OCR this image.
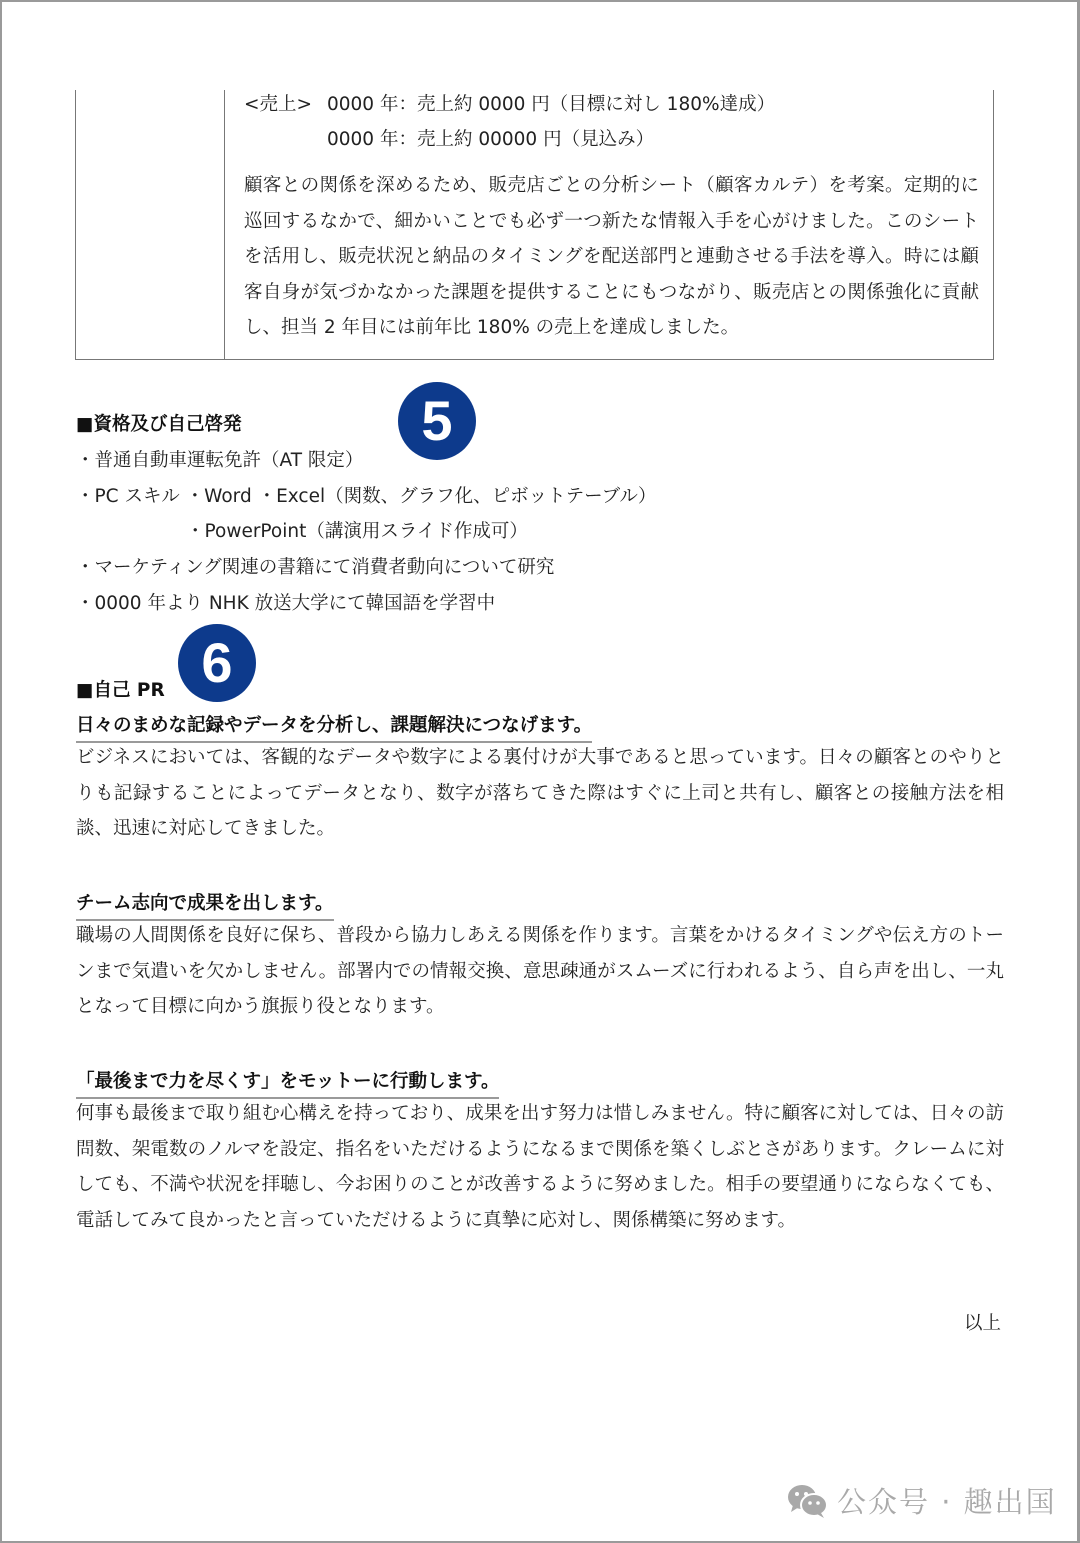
<売上> 0000 年：売上約 0000 円（目標に対し 180%達成）
0000 年：売上約 00000 円（見込み）

顧客との関係を深めるため、販売店ごとの分析シート（顧客カルテ）を考案。定期的に巡回するなかで、細かいことでも必ず一つ新たな情報入手を心がけました。このシートを活用し、販売状況と納品のタイミングを配送部門と連動させる手法を導入。時には顧客自身が気づかなかった課題を提供することにもつながり、販売店との関係強化に貢献し、担当 2 年目には前年比 180% の売上を達成しました。

■資格及び自己啓発	5
・普通自動車運転免許（AT 限定）
・PC スキル ・Word ・Excel（関数、グラフ化、ピボットテーブル）
・PowerPoint（講演用スライド作成可）
・マーケティング関連の書籍にて消費者動向について研究
・0000 年より NHK 放送大学にて韓国語を学習中
■自己 PR 6
日々のまめな記録やデータを分析し、課題解決につなげます。

ビジネスにおいては、客観的なデータや数字による裏付けが大事であると思っています。日々の顧客とのやりとりも記録することによってデータとなり、数字が落ちてきた際はすぐに上司と共有し、顧客との接触方法を相談、迅速に対応してきました。

チーム志向で成果を出します。

職場の人間関係を良好に保ち、普段から協力しあえる関係を作ります。言葉をかけるタイミングや伝え方のトーンまで気遣いを欠かしません。部署内での情報交換、意思疎通がスムーズに行われるよう、自ら声を出し、一丸となって目標に向かう旗振り役となります。

「最後まで力を尽くす」をモットーに行動します。

何事も最後まで取り組む心構えを持っており、成果を出す努力は惜しみません。特に顧客に対しては、日々の訪問数、架電数のノルマを設定、指名をいただけるようになるまで関係を築くしぶとさがあります。クレームに対しても、不満や状況を拝聴し、今お困りのことが改善するように努めました。相手の要望通りにならなくても、電話してみて良かったと言っていただけるように真摯に応対し、関係構築に努めます。

以上
公众号 · 趣出国
